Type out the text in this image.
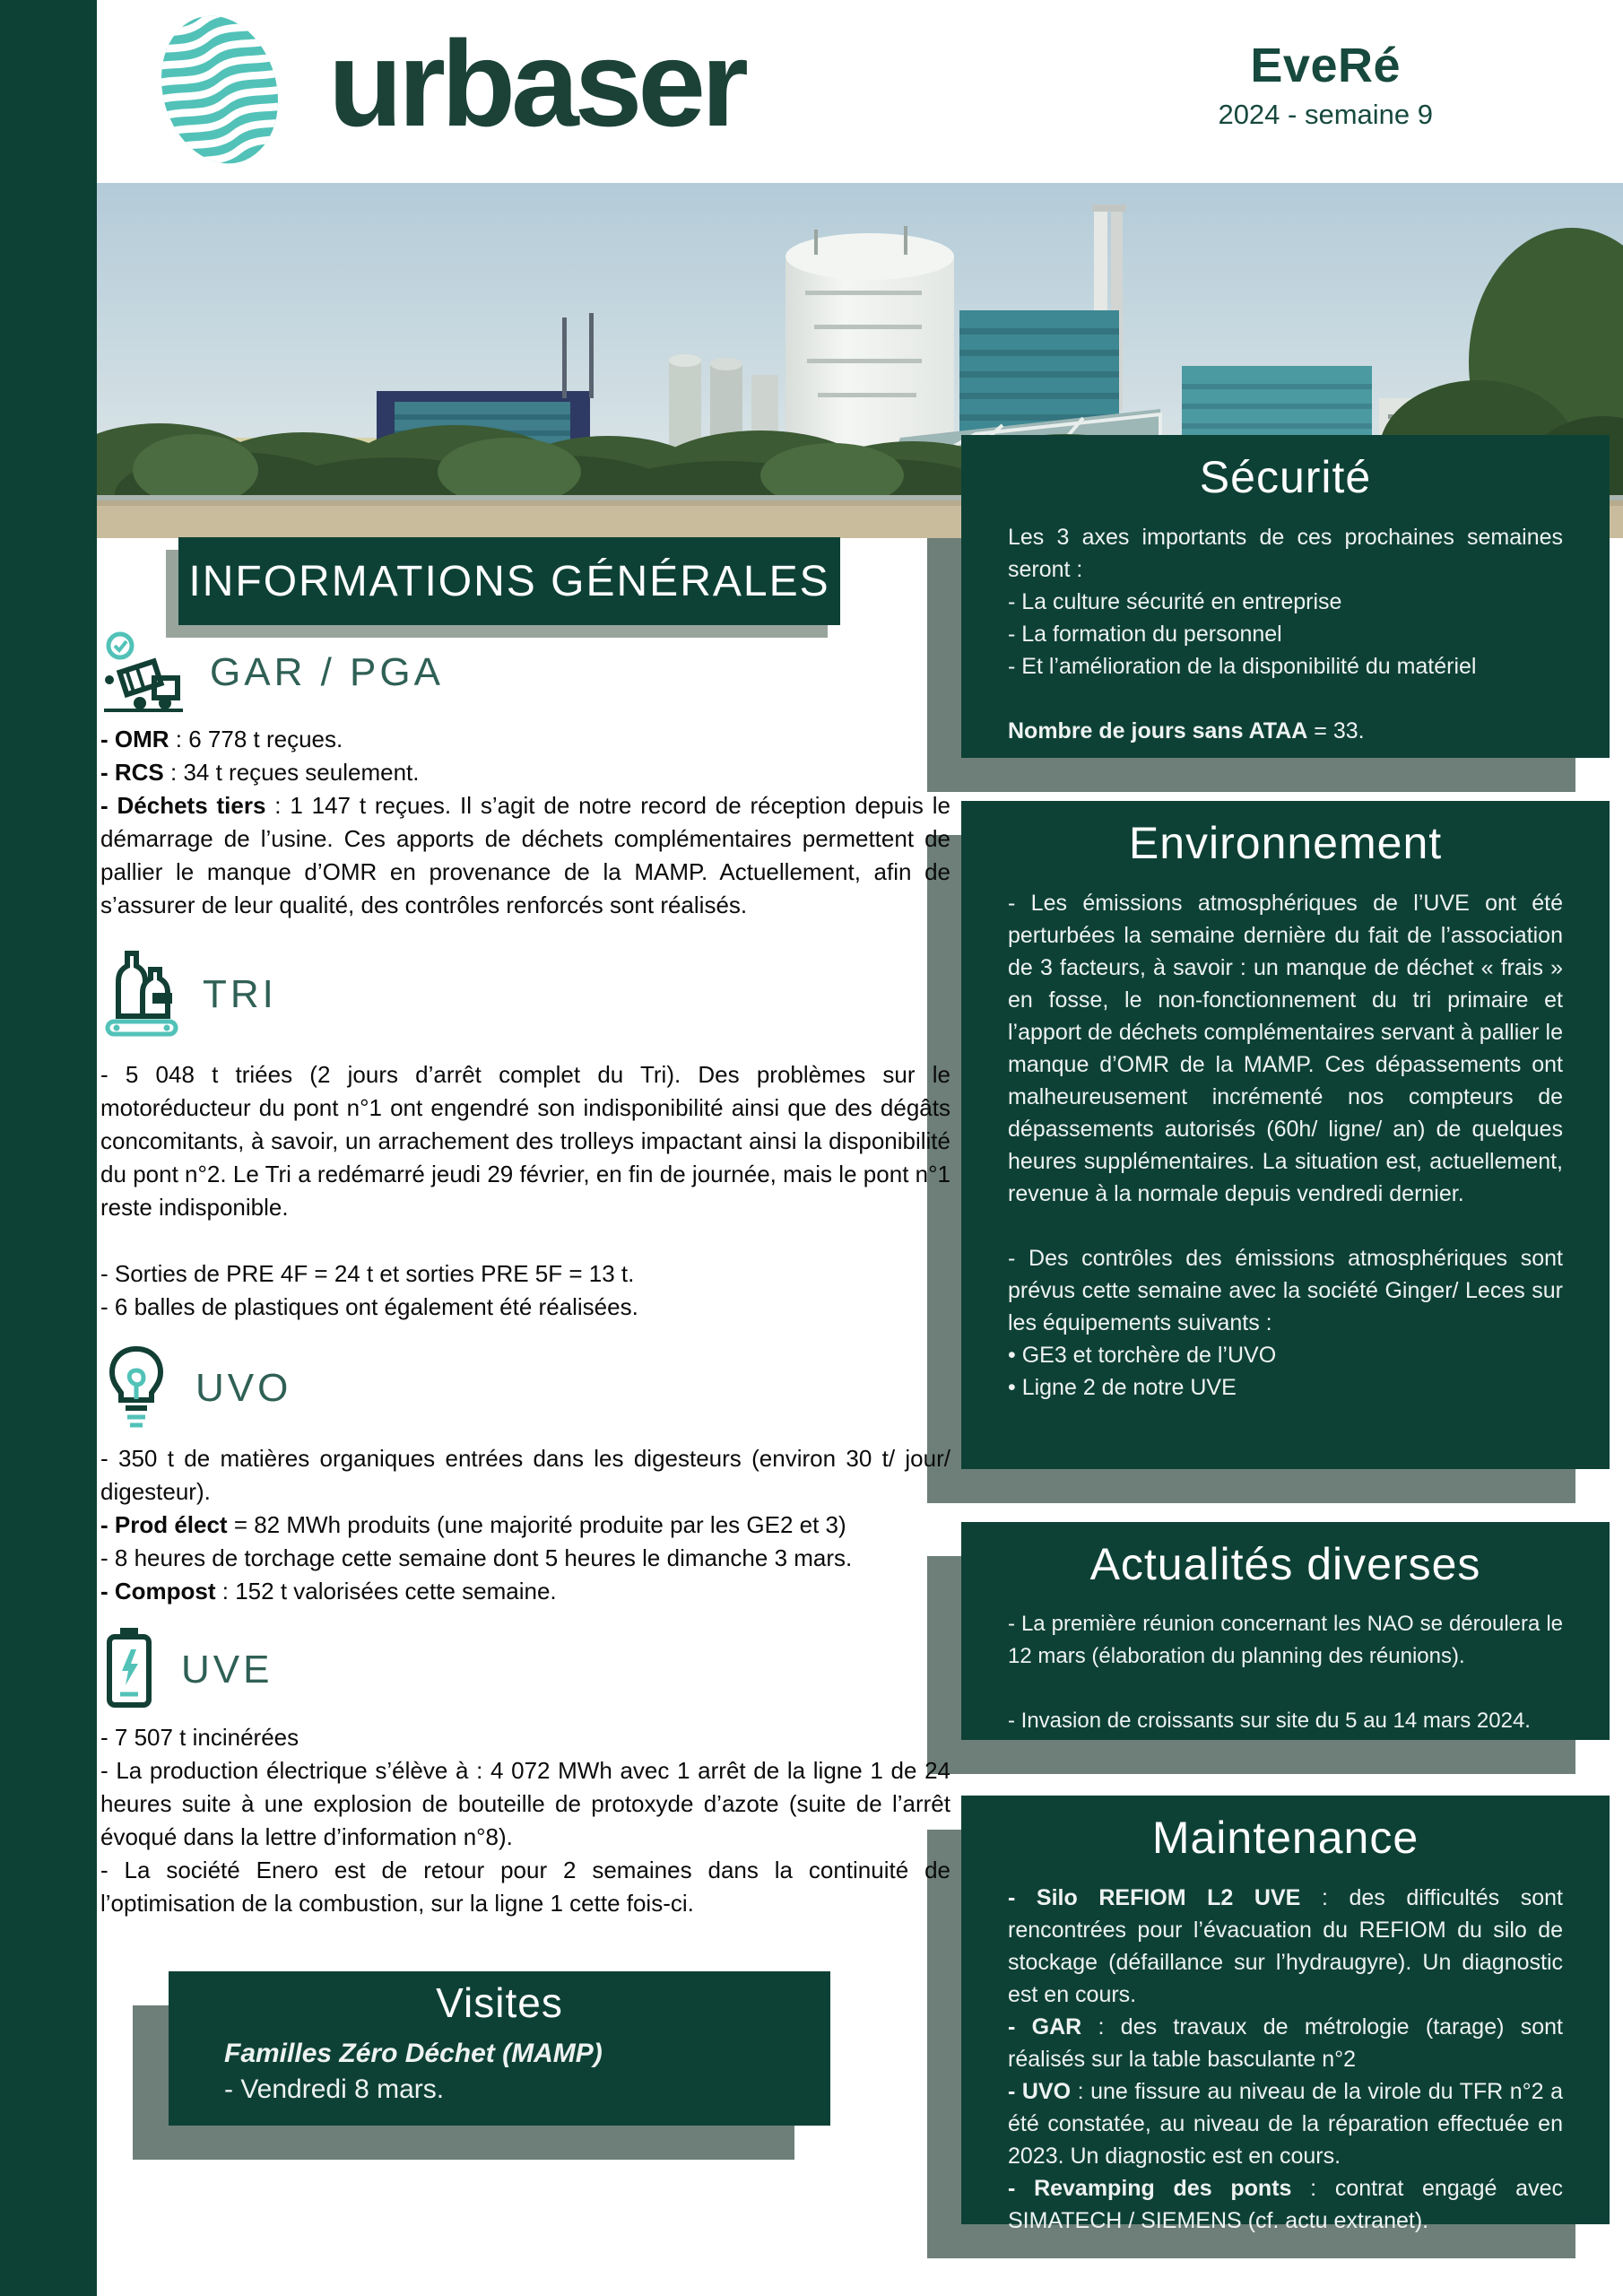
urbaser	EveRé
2024 - semaine 9
INFORMATIONS GÉNÉRALES
GAR / PGA
- OMR : 6 778 t reçues.
- RCS : 34 t reçues seulement.
- Déchets tiers : 1 147 t reçues. Il s’agit de notre record de réception depuis le démarrage de l’usine. Ces apports de déchets complémentaires permettent de pallier le manque d’OMR en provenance de la MAMP. Actuellement, afin de s’assurer de leur qualité, des contrôles renforcés sont réalisés.
TRI
- 5 048 t triées (2 jours d’arrêt complet du Tri). Des problèmes sur le motoréducteur du pont n°1 ont engendré son indisponibilité ainsi que des dégâts concomitants, à savoir, un arrachement des trolleys impactant ainsi la disponibilité du pont n°2. Le Tri a redémarré jeudi 29 février, en fin de journée, mais le pont n°1 reste indisponible.

- Sorties de PRE 4F = 24 t et sorties PRE 5F = 13 t.
- 6 balles de plastiques ont également été réalisées.
UVO
- 350 t de matières organiques entrées dans les digesteurs (environ 30 t/ jour/ digesteur).
- Prod élect = 82 MWh produits (une majorité produite par les GE2 et 3)
- 8 heures de torchage cette semaine dont 5 heures le dimanche 3 mars.
- Compost : 152 t valorisées cette semaine.
UVE
- 7 507 t incinérées
- La production électrique s’élève à : 4 072 MWh avec 1 arrêt de la ligne 1 de 24 heures suite à une explosion de bouteille de protoxyde d’azote (suite de l’arrêt évoqué dans la lettre d’information n°8).
- La société Enero est de retour pour 2 semaines dans la continuité de l’optimisation de la combustion, sur la ligne 1 cette fois-ci.
Visites
Familles Zéro Déchet (MAMP)
- Vendredi 8 mars.
Sécurité
Les 3 axes importants de ces prochaines semaines seront :
- La culture sécurité en entreprise
- La formation du personnel
- Et l’amélioration de la disponibilité du matériel
Nombre de jours sans ATAA = 33.
Environnement
- Les émissions atmosphériques de l’UVE ont été perturbées la semaine dernière du fait de l’association de 3 facteurs, à savoir : un manque de déchet « frais » en fosse, le non-fonctionnement du tri primaire et l’apport de déchets complémentaires servant à pallier le manque d’OMR de la MAMP. Ces dépassements ont malheureusement incrémenté nos compteurs de dépassements autorisés (60h/ ligne/ an) de quelques heures supplémentaires. La situation est, actuellement, revenue à la normale depuis vendredi dernier.
- Des contrôles des émissions atmosphériques sont prévus cette semaine avec la société Ginger/ Leces sur les équipements suivants :
• GE3 et torchère de l’UVO
• Ligne 2 de notre UVE
Actualités diverses
- La première réunion concernant les NAO se déroulera le 12 mars (élaboration du planning des réunions).
- Invasion de croissants sur site du 5 au 14 mars 2024.
Maintenance
- Silo REFIOM L2 UVE : des difficultés sont rencontrées pour l’évacuation du REFIOM du silo de stockage (défaillance sur l’hydraugyre). Un diagnostic est en cours.
- GAR : des travaux de métrologie (tarage) sont réalisés sur la table basculante n°2
- UVO : une fissure au niveau de la virole du TFR n°2 a été constatée, au niveau de la réparation effectuée en 2023. Un diagnostic est en cours.
- Revamping des ponts : contrat engagé avec SIMATECH / SIEMENS (cf. actu extranet).
